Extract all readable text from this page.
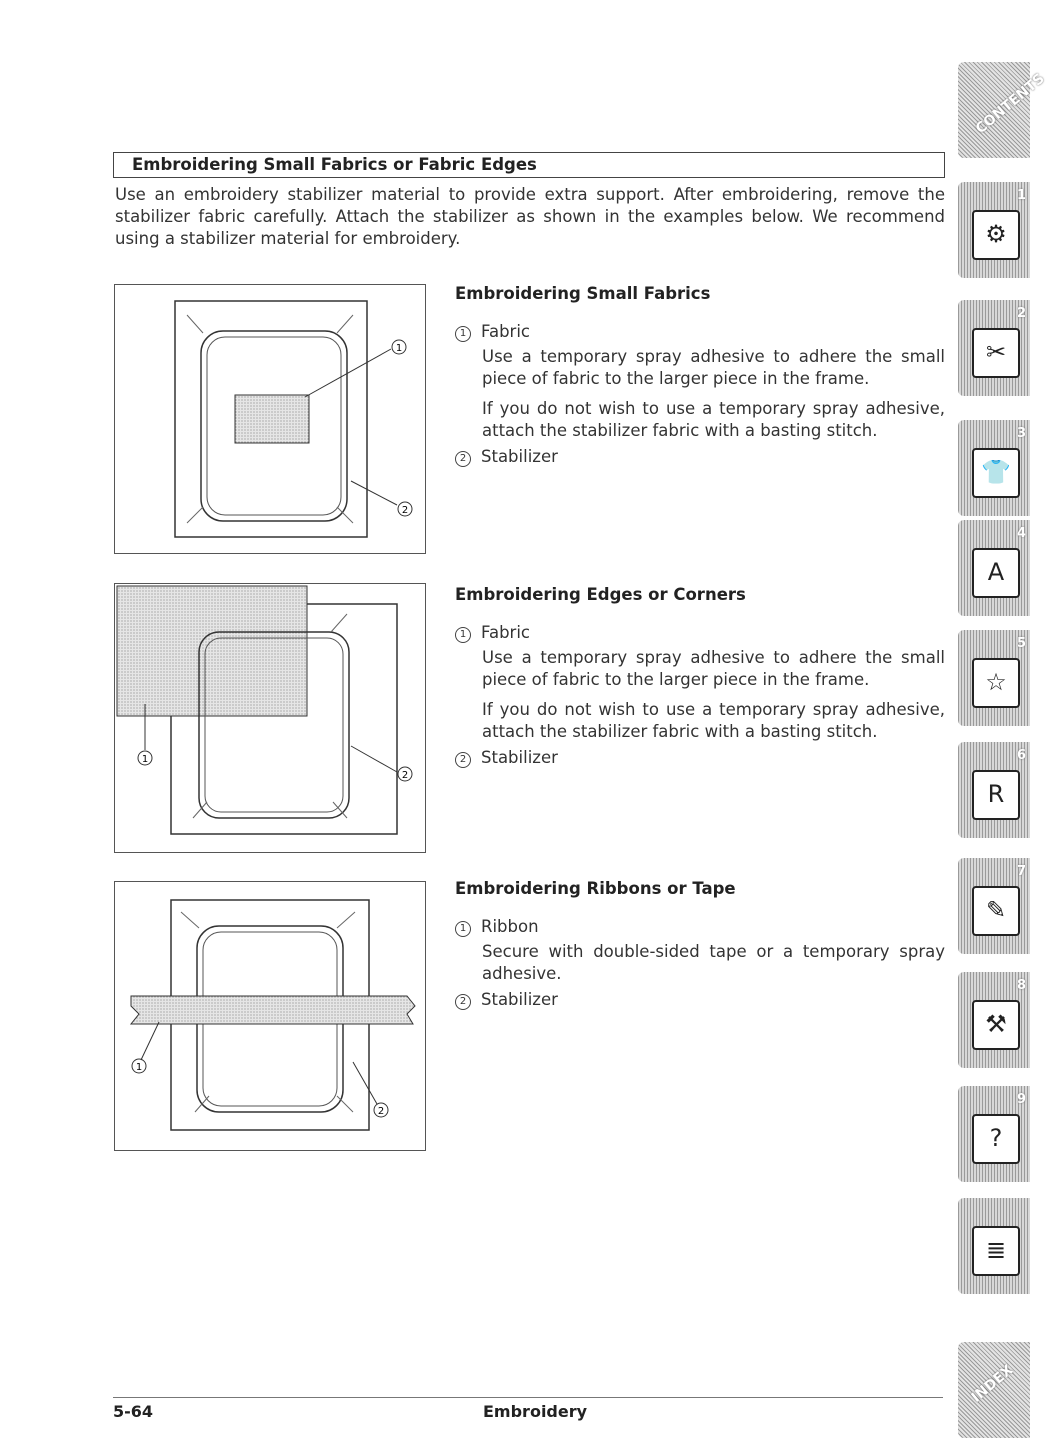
Embroidering Small Fabrics or Fabric Edges
Use an embroidery stabilizer material to provide extra support. After embroidering, remove the stabilizer fabric carefully. Attach the stabilizer as shown in the examples below. We recommend using a stabilizer material for embroidery.
1
2
1
2
1
2
Embroidering Small Fabrics
1 Fabric
Use a temporary spray adhesive to adhere the small piece of fabric to the larger piece in the frame.
If you do not wish to use a temporary spray adhesive, attach the stabilizer fabric with a basting stitch.
2 Stabilizer
Embroidering Edges or Corners
1 Fabric
Use a temporary spray adhesive to adhere the small piece of fabric to the larger piece in the frame.
If you do not wish to use a temporary spray adhesive, attach the stabilizer fabric with a basting stitch.
2 Stabilizer
Embroidering Ribbons or Tape
1 Ribbon
Secure with double-sided tape or a temporary spray adhesive.
2 Stabilizer
CONTENTS
1
⚙
2
✂
3
👕
4
A
5
☆
6
R
7
✎
8
⚒
9
?
≣
INDEX
5-64	Embroidery
